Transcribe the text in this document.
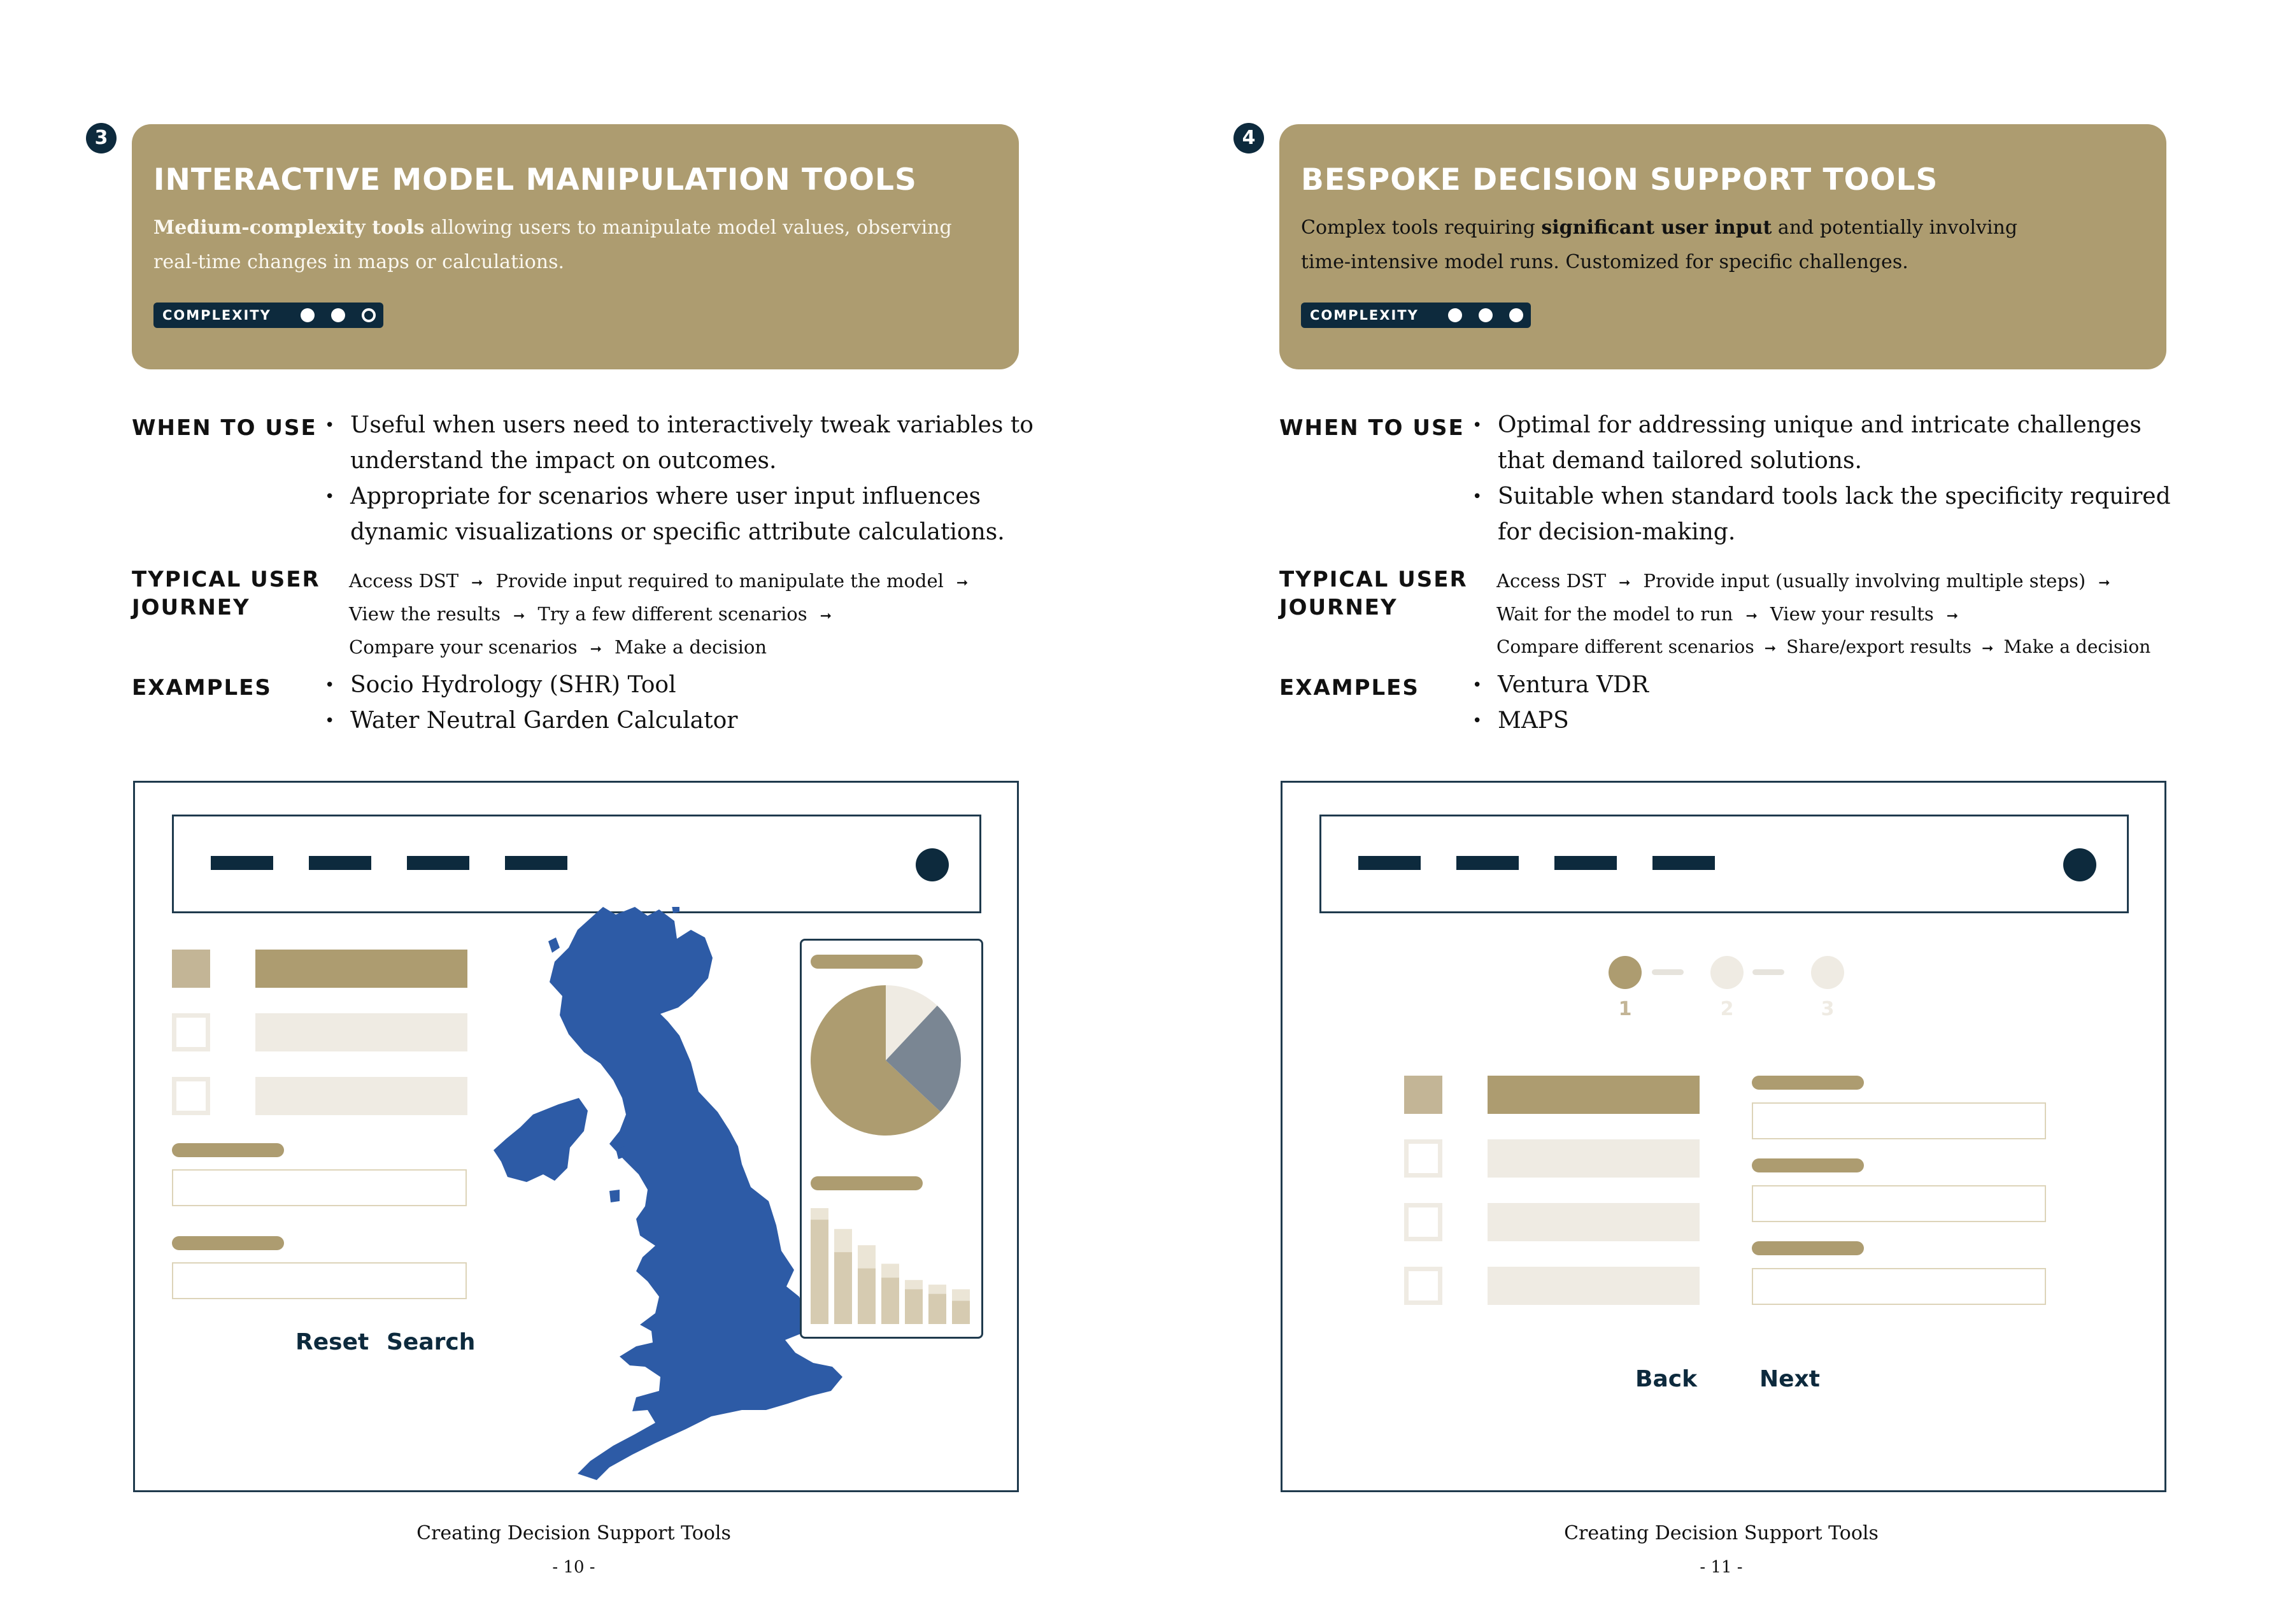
3
INTERACTIVE MODEL MANIPULATION TOOLS
Medium-complexity tools allowing users to manipulate model values, observing
real-time changes in maps or calculations.
COMPLEXITY
WHEN TO USE	• Useful when users need to interactively tweak variables to
understand the impact on outcomes.
• Appropriate for scenarios where user input influences
dynamic visualizations or specific attribute calculations.
TYPICAL USER
JOURNEY
Access DST ➞ Provide input required to manipulate the model ➞
View the results ➞ Try a few different scenarios ➞
Compare your scenarios ➞ Make a decision
EXAMPLES	• Socio Hydrology (SHR) Tool
• Water Neutral Garden Calculator
Reset Search
Creating Decision Support Tools
- 10 -
4
BESPOKE DECISION SUPPORT TOOLS
Complex tools requiring significant user input and potentially involving
time-intensive model runs. Customized for specific challenges.
COMPLEXITY
WHEN TO USE	• Optimal for addressing unique and intricate challenges
that demand tailored solutions.
• Suitable when standard tools lack the specificity required
for decision-making.
TYPICAL USER
JOURNEY
Access DST ➞ Provide input (usually involving multiple steps) ➞
Wait for the model to run ➞ View your results ➞
Compare different scenarios ➞ Share/export results ➞ Make a decision
EXAMPLES	• Ventura VDR
• MAPS
1	2	3
Back	Next
Creating Decision Support Tools
- 11 -
